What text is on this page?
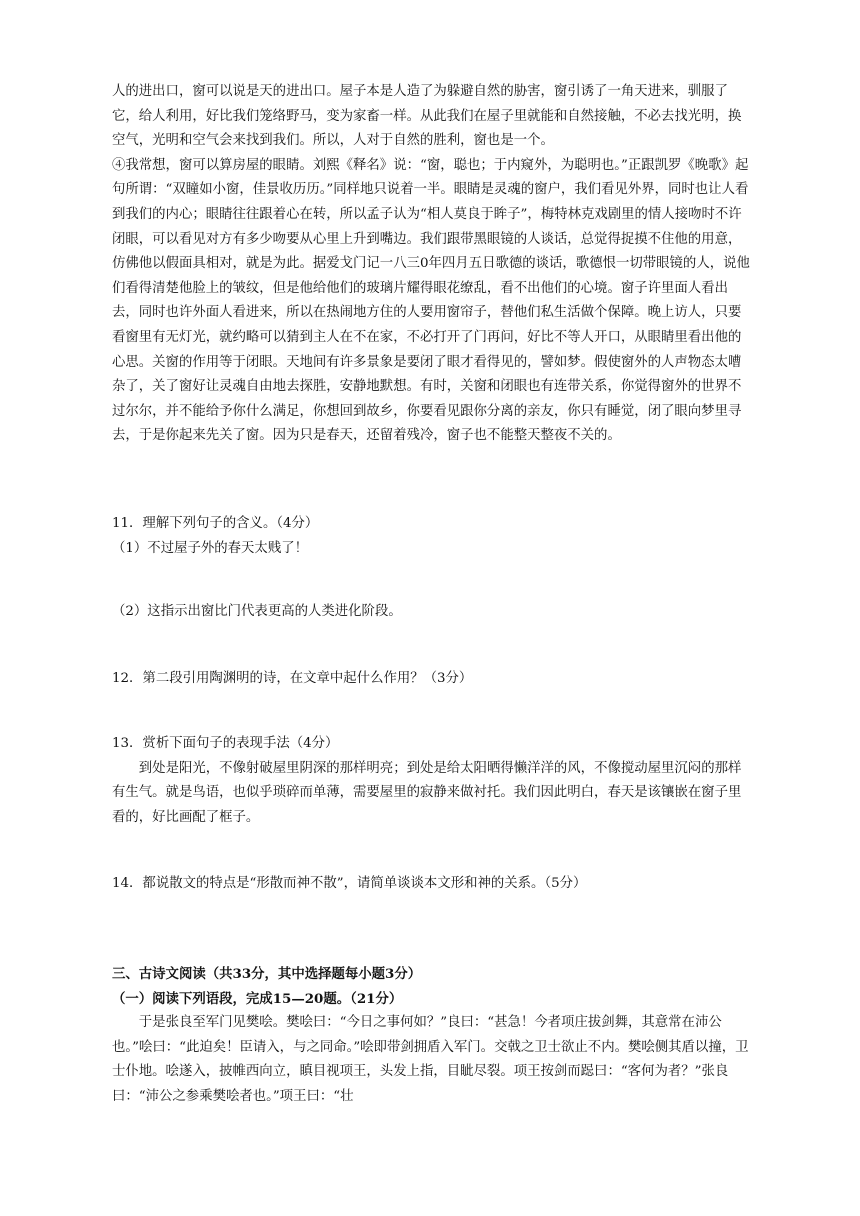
人的进出口，窗可以说是天的进出口。屋子本是人造了为躲避自然的胁害，窗引诱了一角天进来，驯服了它，给人利用，好比我们笼络野马，变为家畜一样。从此我们在屋子里就能和自然接触，不必去找光明，换空气，光明和空气会来找到我们。所以，人对于自然的胜利，窗也是一个。

④我常想，窗可以算房屋的眼睛。刘熙《释名》说：“窗，聪也；于内窥外，为聪明也。”正跟凯罗《晚歌》起句所谓：“双瞳如小窗，佳景收历历。”同样地只说着一半。眼睛是灵魂的窗户，我们看见外界，同时也让人看到我们的内心；眼睛往往跟着心在转，所以孟子认为“相人莫良于眸子”，梅特林克戏剧里的情人接吻时不许闭眼，可以看见对方有多少吻要从心里上升到嘴边。我们跟带黑眼镜的人谈话，总觉得捉摸不住他的用意，仿佛他以假面具相对，就是为此。据爱戈门记一八三0年四月五日歌德的谈话，歌德恨一切带眼镜的人，说他们看得清楚他脸上的皱纹，但是他给他们的玻璃片耀得眼花缭乱，看不出他们的心境。窗子许里面人看出去，同时也许外面人看进来，所以在热闹地方住的人要用窗帘子，替他们私生活做个保障。晚上访人，只要看窗里有无灯光，就约略可以猜到主人在不在家，不必打开了门再问，好比不等人开口，从眼睛里看出他的心思。关窗的作用等于闭眼。天地间有许多景象是要闭了眼才看得见的，譬如梦。假使窗外的人声物态太嘈杂了，关了窗好让灵魂自由地去探胜，安静地默想。有时，关窗和闭眼也有连带关系，你觉得窗外的世界不过尔尔，并不能给予你什么满足，你想回到故乡，你要看见跟你分离的亲友，你只有睡觉，闭了眼向梦里寻去，于是你起来先关了窗。因为只是春天，还留着残冷，窗子也不能整天整夜不关的。

11．理解下列句子的含义。（4分）

（1）不过屋子外的春天太贱了！

（2）这指示出窗比门代表更高的人类进化阶段。

12．第二段引用陶渊明的诗，在文章中起什么作用？（3分）

13．赏析下面句子的表现手法（4分）

到处是阳光，不像射破屋里阴深的那样明亮；到处是给太阳晒得懒洋洋的风，不像搅动屋里沉闷的那样有生气。就是鸟语，也似乎琐碎而单薄，需要屋里的寂静来做衬托。我们因此明白，春天是该镶嵌在窗子里看的，好比画配了框子。

14．都说散文的特点是“形散而神不散”，请简单谈谈本文形和神的关系。（5分）

三、古诗文阅读（共33分，其中选择题每小题3分）

（一）阅读下列语段，完成15—20题。（21分）

于是张良至军门见樊哙。樊哙曰：“今日之事何如？”良曰：“甚急！今者项庄拔剑舞，其意常在沛公也。”哙曰：“此迫矣！臣请入，与之同命。”哙即带剑拥盾入军门。交戟之卫士欲止不内。樊哙侧其盾以撞，卫士仆地。哙遂入，披帷西向立，瞋目视项王，头发上指，目眦尽裂。项王按剑而跽曰：“客何为者？”张良曰：“沛公之参乘樊哙者也。”项王曰：“壮
